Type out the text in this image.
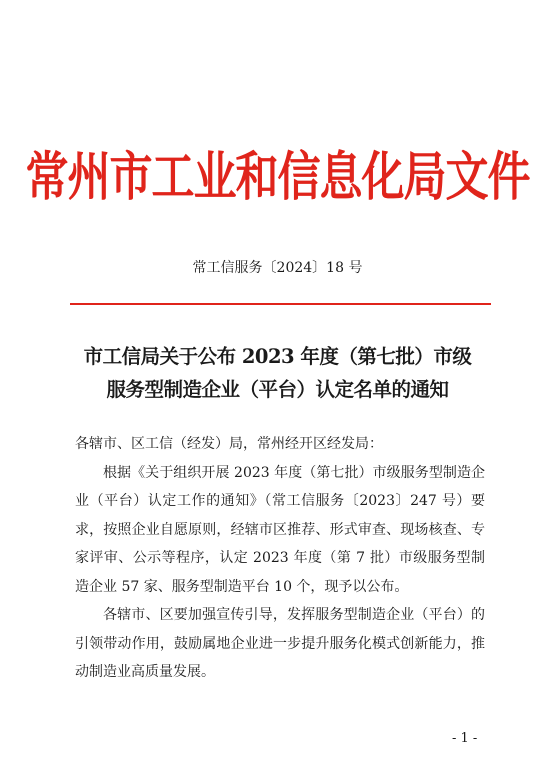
常州市工业和信息化局文件
常工信服务〔2024〕18 号
市工信局关于公布 2023 年度（第七批）市级
服务型制造企业（平台）认定名单的通知

各辖市、区工信（经发）局，常州经开区经发局：

根据《关于组织开展 2023 年度（第七批）市级服务型制造企业（平台）认定工作的通知》（常工信服务〔2023〕247 号）要求，按照企业自愿原则，经辖市区推荐、形式审查、现场核查、专家评审、公示等程序，认定 2023 年度（第 7 批）市级服务型制造企业 57 家、服务型制造平台 10 个，现予以公布。

各辖市、区要加强宣传引导，发挥服务型制造企业（平台）的引领带动作用，鼓励属地企业进一步提升服务化模式创新能力，推动制造业高质量发展。

- 1 -
